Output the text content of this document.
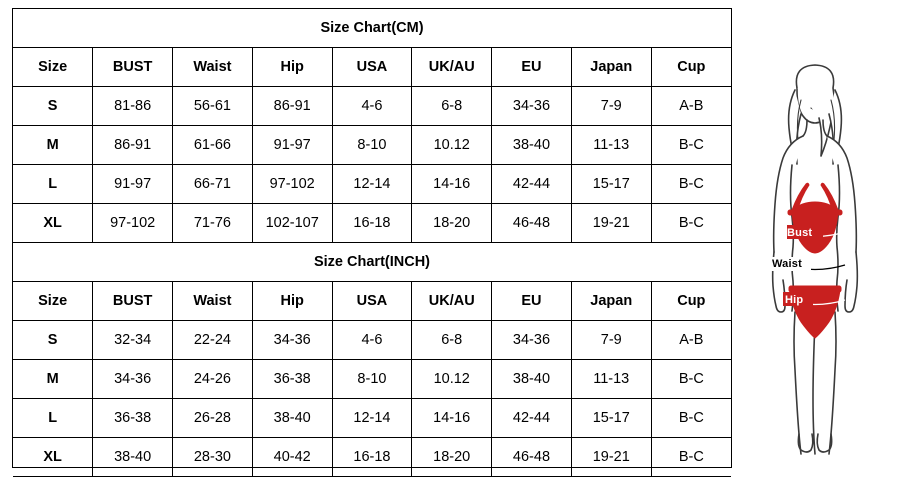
Size Chart(CM)								
Size	BUST	Waist	Hip	USA	UK/AU	EU	Japan	Cup
S	81-86	56-61	86-91	4-6	6-8	34-36	7-9	A-B
M	86-91	61-66	91-97	8-10	10.12	38-40	11-13	B-C
L	91-97	66-71	97-102	12-14	14-16	42-44	15-17	B-C
XL	97-102	71-76	102-107	16-18	18-20	46-48	19-21	B-C
Size Chart(INCH)								
Size	BUST	Waist	Hip	USA	UK/AU	EU	Japan	Cup
S	32-34	22-24	34-36	4-6	6-8	34-36	7-9	A-B
M	34-36	24-26	36-38	8-10	10.12	38-40	11-13	B-C
L	36-38	26-28	38-40	12-14	14-16	42-44	15-17	B-C
XL	38-40	28-30	40-42	16-18	18-20	46-48	19-21	B-C
Bust
Waist
Hip
